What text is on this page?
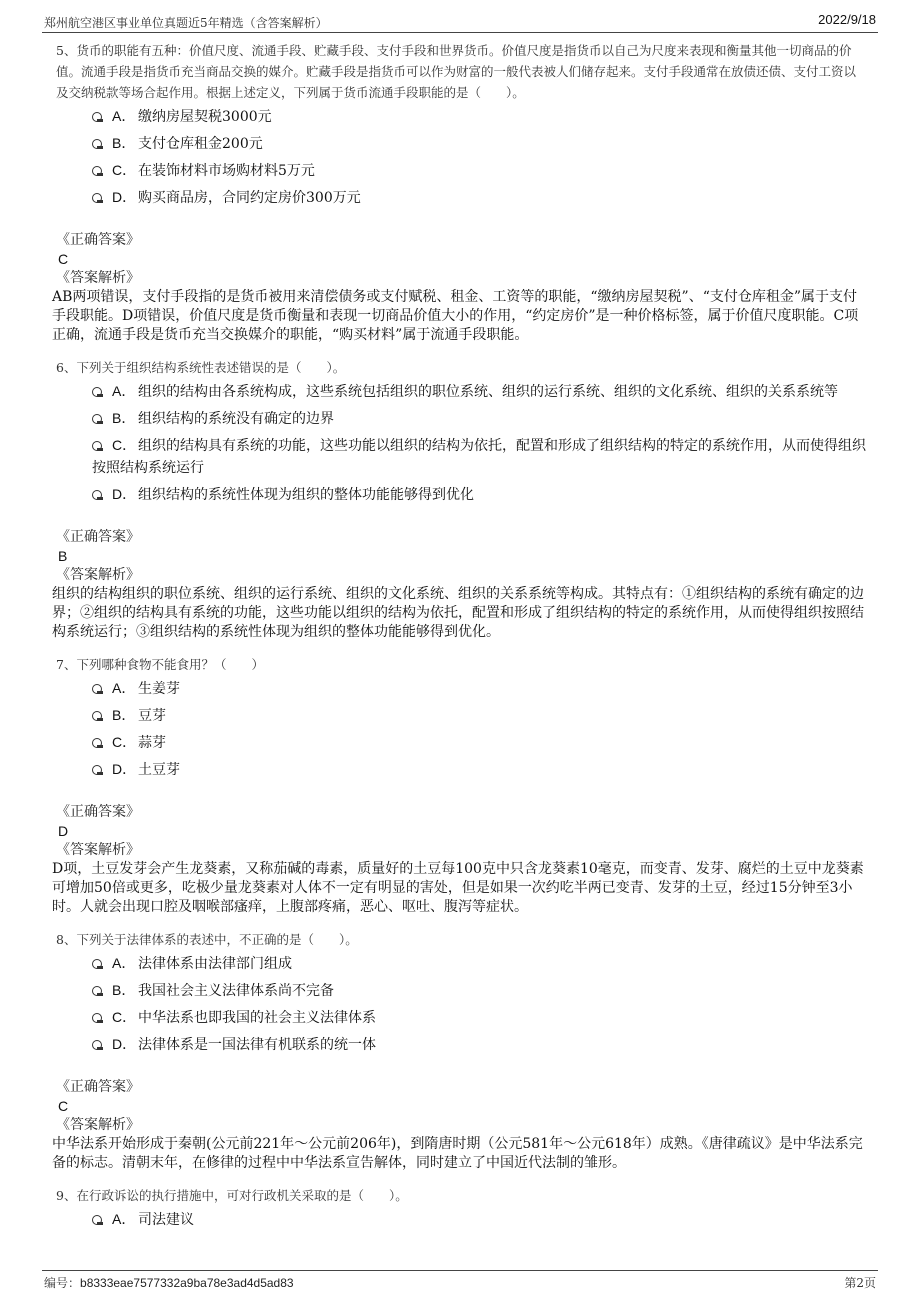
郑州航空港区事业单位真题近5年精选（含答案解析）	2022/9/18
5、货币的职能有五种：价值尺度、流通手段、贮藏手段、支付手段和世界货币。价值尺度是指货币以自己为尺度来表现和衡量其他一切商品的价值。流通手段是指货币充当商品交换的媒介。贮藏手段是指货币可以作为财富的一般代表被人们储存起来。支付手段通常在放债还债、支付工资以及交纳税款等场合起作用。根据上述定义，下列属于货币流通手段职能的是（　　）。
A． 缴纳房屋契税3000元
B． 支付仓库租金200元
C． 在装饰材料市场购材料5万元
D． 购买商品房，合同约定房价300万元
《正确答案》
C
《答案解析》
AB两项错误，支付手段指的是货币被用来清偿债务或支付赋税、租金、工资等的职能，“缴纳房屋契税”、“支付仓库租金”属于支付手段职能。D项错误，价值尺度是货币衡量和表现一切商品价值大小的作用，“约定房价”是一种价格标签，属于价值尺度职能。C项正确，流通手段是货币充当交换媒介的职能，“购买材料”属于流通手段职能。
6、下列关于组织结构系统性表述错误的是（　　）。
A． 组织的结构由各系统构成，这些系统包括组织的职位系统、组织的运行系统、组织的文化系统、组织的关系系统等
B． 组织结构的系统没有确定的边界
C． 组织的结构具有系统的功能，这些功能以组织的结构为依托，配置和形成了组织结构的特定的系统作用，从而使得组织按照结构系统运行
D． 组织结构的系统性体现为组织的整体功能能够得到优化
《正确答案》
B
《答案解析》
组织的结构组织的职位系统、组织的运行系统、组织的文化系统、组织的关系系统等构成。其特点有：①组织结构的系统有确定的边界；②组织的结构具有系统的功能，这些功能以组织的结构为依托，配置和形成了组织结构的特定的系统作用，从而使得组织按照结构系统运行；③组织结构的系统性体现为组织的整体功能能够得到优化。
7、下列哪种食物不能食用？（　　）
A． 生姜芽
B． 豆芽
C． 蒜芽
D． 土豆芽
《正确答案》
D
《答案解析》
D项，土豆发芽会产生龙葵素，又称茄碱的毒素，质量好的土豆每100克中只含龙葵素10毫克，而变青、发芽、腐烂的土豆中龙葵素可增加50倍或更多，吃极少量龙葵素对人体不一定有明显的害处，但是如果一次约吃半两已变青、发芽的土豆，经过15分钟至3小时。人就会出现口腔及咽喉部瘙痒，上腹部疼痛，恶心、呕吐、腹泻等症状。
8、下列关于法律体系的表述中，不正确的是（　　）。
A． 法律体系由法律部门组成
B． 我国社会主义法律体系尚不完备
C． 中华法系也即我国的社会主义法律体系
D． 法律体系是一国法律有机联系的统一体
《正确答案》
C
《答案解析》
中华法系开始形成于秦朝(公元前221年～公元前206年)，到隋唐时期（公元581年～公元618年）成熟。《唐律疏议》是中华法系完备的标志。清朝末年，在修律的过程中中华法系宣告解体，同时建立了中国近代法制的雏形。
9、在行政诉讼的执行措施中，可对行政机关采取的是（　　）。
A． 司法建议
编号：b8333eae7577332a9ba78e3ad4d5ad83	第2页
